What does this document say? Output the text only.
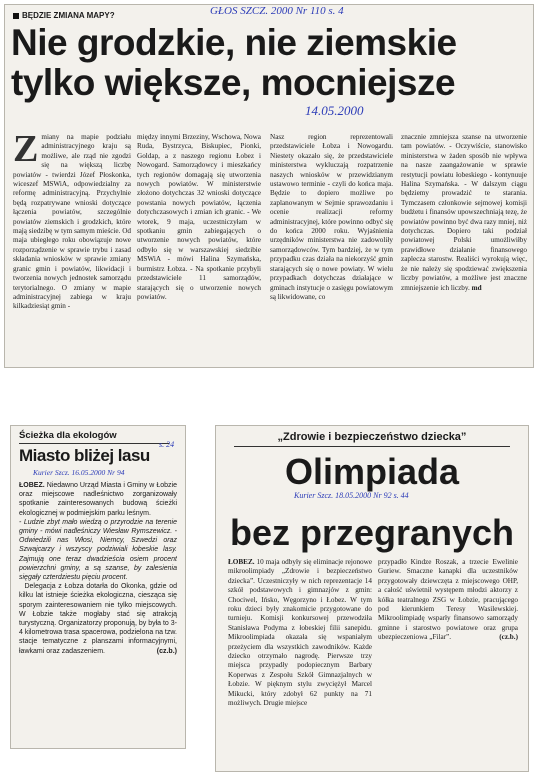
BĘDZIE ZMIANA MAPY?	GŁOS SZCZ. 2000 Nr 110 s. 4
Nie grodzkie, nie ziemskie tylko większe, mocniejsze
14.05.2000
Zmiany na mapie podziału administracyjnego kraju są możliwe, ale rząd nie zgodzi się na większą liczbę powiatów - twierdzi Józef Płoskonka, wiceszef MSWiA, odpowiedzialny za reformę administracyjną. Przychylnie będą rozpatrywane wnioski dotyczące łączenia powiatów, szczególnie powiatów ziemskich i grodzkich, które mają siedzibę w tym samym mieście. Od maja ubiegłego roku obowiązuje nowe rozporządzenie w sprawie trybu i zasad składania wniosków w sprawie zmiany granic gmin i powiatów, likwidacji i tworzenia nowych jednostek samorządu terytorialnego. O zmiany w mapie administracyjnej zabiega w kraju kilkadziesiąt gmin -
między innymi Brzeziny, Wschowa, Nowa Ruda, Bystrzyca, Biskupiec, Pionki, Goldap, a z naszego regionu Łobez i Nowogard. Samorządowcy i mieszkańcy tych regionów domagają się utworzenia nowych powiatów. W ministerstwie złożono dotychczas 32 wnioski dotyczące powstania nowych powiatów, łączenia dotychczasowych i zmian ich granic. - We wtorek, 9 maja, uczestniczyłam w spotkaniu gmin zabiegających o utworzenie nowych powiatów, które odbyło się w warszawskiej siedzibie MSWiA - mówi Halina Szymańska, burmistrz Łobza. - Na spotkanie przybyli przedstawiciele 11 samorządów, starających się o utworzenie nowych powiatów.
Nasz region reprezentowali przedstawiciele Łobza i Nowogardu. Niestety okazało się, że przedstawiciele ministerstwa wykluczają rozpatrzenie naszych wniosków w przewidzianym ustawowo terminie - czyli do końca maja. Będzie to dopiero możliwe po zaplanowanym w Sejmie sprawozdaniu i ocenie realizacji reformy administracyjnej, które powinno odbyć się do końca 2000 roku. Wyjaśnienia urzędników ministerstwa nie zadowoliły samorządowców. Tym bardziej, że w tym przypadku czas działa na niekorzyść gmin starających się o nowe powiaty. W wielu przypadkach dotychczas działające w gminach instytucje o zasięgu powiatowym są likwidowane, co
znacznie zmniejsza szanse na utworzenie tam powiatów. - Oczywiście, stanowisko ministerstwa w żaden sposób nie wpływa na nasze zaangażowanie w sprawie restytucji powiatu łobeskiego - kontynuuje Halina Szymańska. - W dalszym ciągu będziemy prowadzić te starania. Tymczasem członkowie sejmowej komisji budżetu i finansów upowszechniają tezę, że powiatów powinno być dwa razy mniej, niż dotychczas. Dopiero taki podział powiatowej Polski umożliwiłby prawidłowe działanie finansowego zaplecza starostw. Realiści wyrokują więc, że nie należy się spodziewać zwiększenia liczby powiatów, a możliwe jest znaczne zmniejszenie ich liczby. md
Ścieżka dla ekologów
Miasto bliżej lasu
s. 24
Kurier Szcz. 16.05.2000 Nr 94
ŁOBEZ. Niedawno Urząd Miasta i Gminy w Łobzie oraz miejscowe nadleśnictwo zorganizowały spotkanie zainteresowanych budową ścieżki ekologicznej w podmiejskim parku leśnym.
- Ludzie zbyt mało wiedzą o przyrodzie na terenie gminy - mówi nadleśniczy Wiesław Rymszewicz. - Odwiedzili nas Włosi, Niemcy, Szwedzi oraz Szwajcarzy i wszyscy podziwiali łobeskie lasy. Zajmują one teraz dwadzieścia osiem procent powierzchni gminy, a są szanse, by zalesienia sięgały czterdziestu pięciu procent.
Delegacja z Łobza dotarła do Okonka, gdzie od kilku lat istnieje ścieżka ekologiczna, ciesząca się sporym zainteresowaniem nie tylko miejscowych. W Łobzie także mogłaby stać się atrakcją turystyczną. Organizatorzy proponują, by była to 3-4 kilometrowa trasa spacerowa, podzielona na tzw. stacje tematyczne z planszami informacyjnymi, ławkami oraz zadaszeniem.	(cz.b.)
„Zdrowie i bezpieczeństwo dziecka”
Olimpiada
bez przegranych
Kurier Szcz. 18.05.2000 Nr 92 s. 44
ŁOBEZ. 10 maja odbyły się eliminacje rejonowe mikroolimpiady „Zdrowie i bezpieczeństwo dziecka”. Uczestniczyły w nich reprezentacje 14 szkół podstawowych i gimnazjów z gmin: Chociwel, Ińsko, Węgorzyno i Łobez. W tym roku dzieci były znakomicie przygotowane do turnieju. Komisji konkursowej przewodziła Stanisława Podyma z łobeskiej filii sanepidu. Mikroolimpiada okazała się wspaniałym przeżyciem dla wszystkich zawodników. Każde dziecko otrzymało nagrodę. Pierwsze trzy miejsca przypadły podopiecznym Barbary Koperwas z Zespołu Szkół Gimnazjalnych w Łobzie. W pięknym stylu zwyciężył Marcel Mikucki, który zdobył 62 punkty na 71 możliwych. Drugie miejsce
przypadło Kindze Roszak, a trzecie Ewelinie Guriew. Smaczne kanapki dla uczestników przygotowały dziewczęta z miejscowego OHP, a całość uświetnił występem młodzi aktorzy z kółka teatralnego ZSG w Łobzie, pracującego pod kierunkiem Teresy Wasilewskiej. Mikroolimpiadę wsparły finansowo samorządy gminne i starostwo powiatowe oraz grupa ubezpieczeniowa „Filar”.	(cz.b.)
